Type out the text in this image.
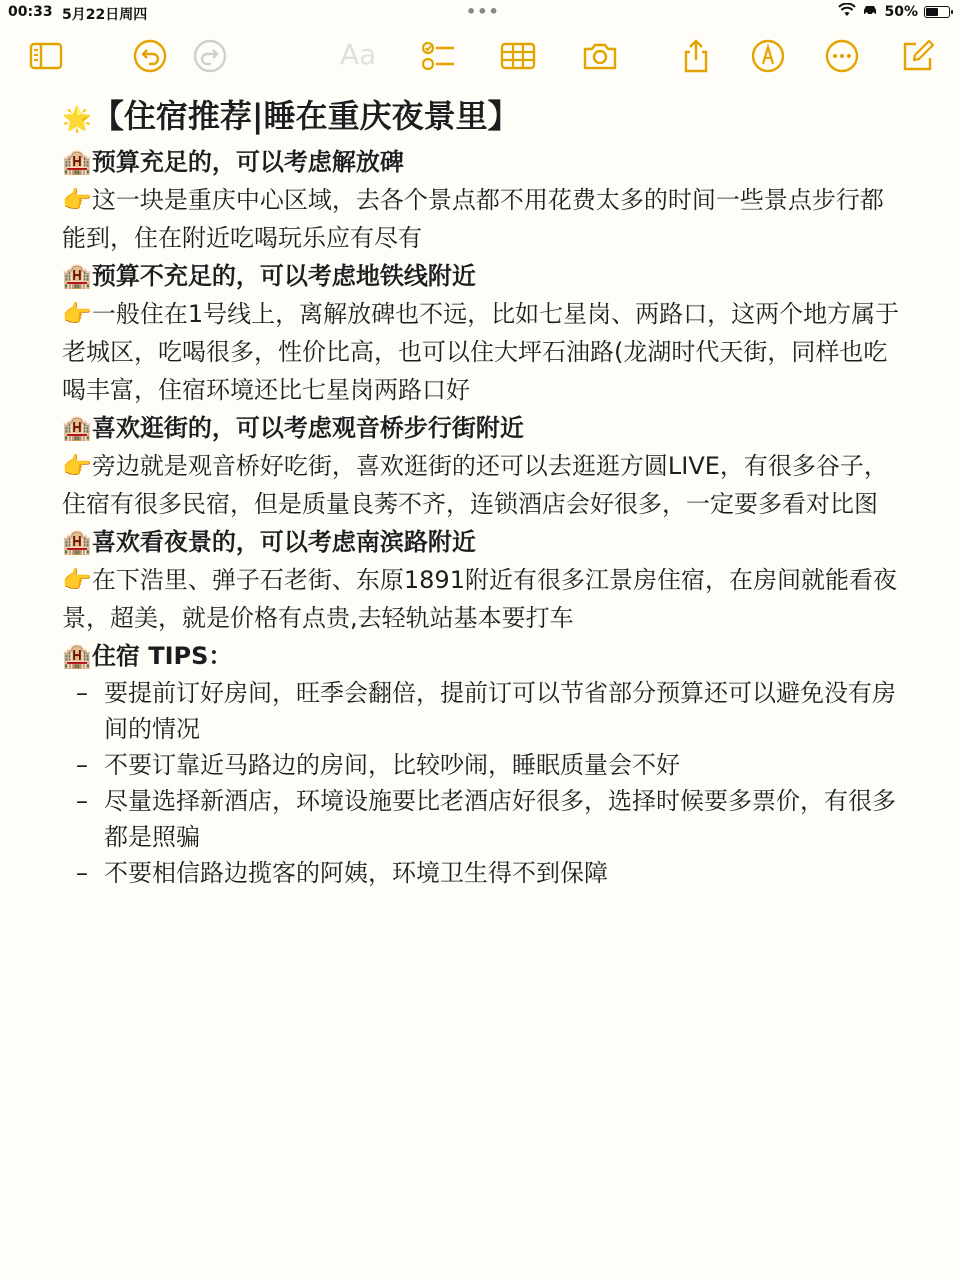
00:33 5月22日周四	•••	50%
Aa
🌟【住宿推荐|睡在重庆夜景里】
🏨预算充足的，可以考虑解放碑
👉这一块是重庆中心区域，去各个景点都不用花费太多的时间一些景点步行都能到，住在附近吃喝玩乐应有尽有
🏨预算不充足的，可以考虑地铁线附近
👉一般住在1号线上，离解放碑也不远，比如七星岗、两路口，这两个地方属于老城区，吃喝很多，性价比高，也可以住大坪石油路(龙湖时代天街，同样也吃喝丰富，住宿环境还比七星岗两路口好
🏨喜欢逛街的，可以考虑观音桥步行街附近
👉旁边就是观音桥好吃街，喜欢逛街的还可以去逛逛方圆LIVE，有很多谷子，住宿有很多民宿，但是质量良莠不齐，连锁酒店会好很多，一定要多看对比图
🏨喜欢看夜景的，可以考虑南滨路附近
👉在下浩里、弹子石老街、东原1891附近有很多江景房住宿，在房间就能看夜景，超美，就是价格有点贵,去轻轨站基本要打车
🏨住宿 TIPS：
– 要提前订好房间，旺季会翻倍，提前订可以节省部分预算还可以避免没有房间的情况
– 不要订靠近马路边的房间，比较吵闹，睡眠质量会不好
– 尽量选择新酒店，环境设施要比老酒店好很多，选择时候要多票价，有很多都是照骗
– 不要相信路边揽客的阿姨，环境卫生得不到保障
